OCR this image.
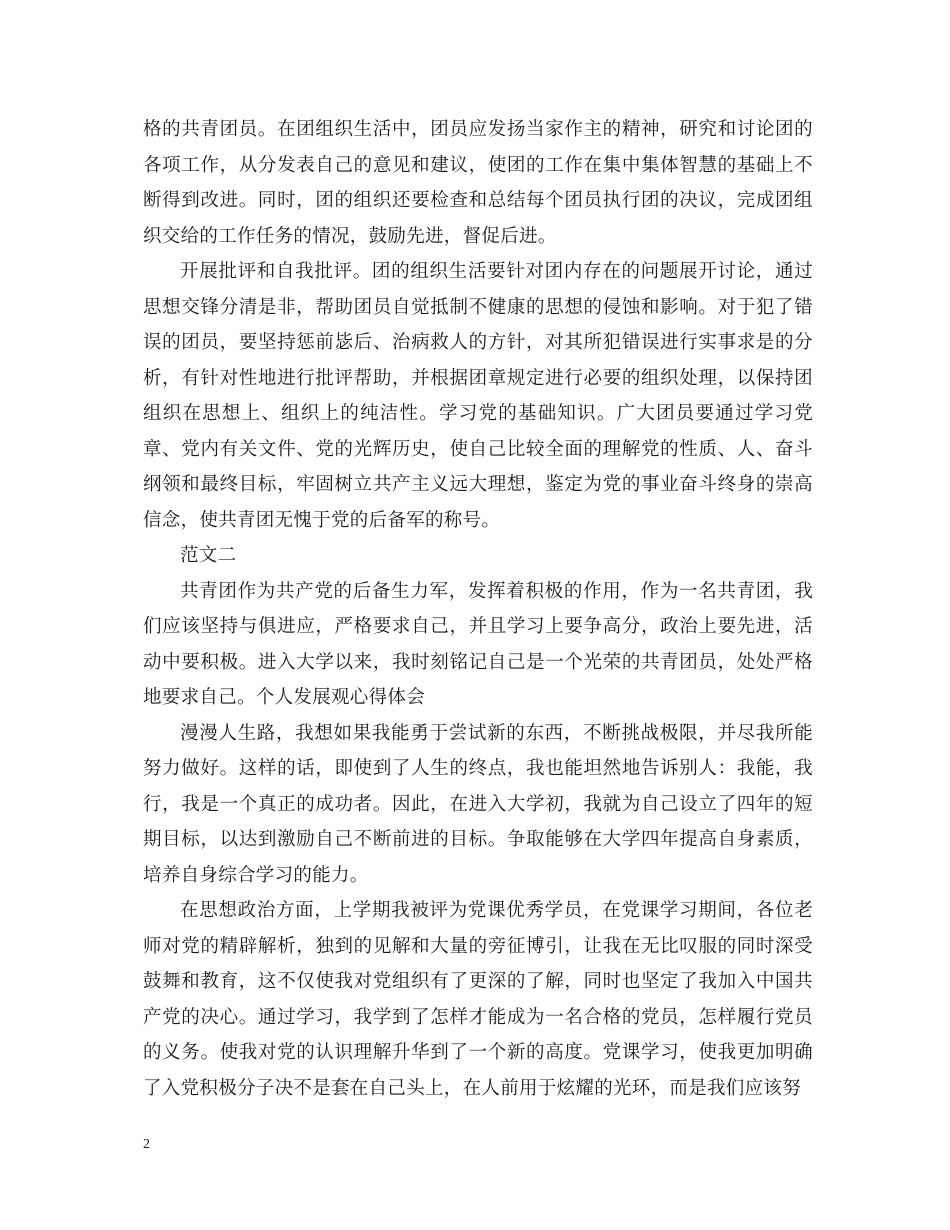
格的共青团员。在团组织生活中，团员应发扬当家作主的精神，研究和讨论团的各项工作，从分发表自己的意见和建议，使团的工作在集中集体智慧的基础上不断得到改进。同时，团的组织还要检查和总结每个团员执行团的决议，完成团组织交给的工作任务的情况，鼓励先进，督促后进。

开展批评和自我批评。团的组织生活要针对团内存在的问题展开讨论，通过思想交锋分清是非，帮助团员自觉抵制不健康的思想的侵蚀和影响。对于犯了错误的团员，要坚持惩前毖后、治病救人的方针，对其所犯错误进行实事求是的分析，有针对性地进行批评帮助，并根据团章规定进行必要的组织处理，以保持团组织在思想上、组织上的纯洁性。学习党的基础知识。广大团员要通过学习党章、党内有关文件、党的光辉历史，使自己比较全面的理解党的性质、人、奋斗纲领和最终目标，牢固树立共产主义远大理想，鉴定为党的事业奋斗终身的崇高信念，使共青团无愧于党的后备军的称号。

范文二

共青团作为共产党的后备生力军，发挥着积极的作用，作为一名共青团，我们应该坚持与俱进应，严格要求自己，并且学习上要争高分，政治上要先进，活动中要积极。进入大学以来，我时刻铭记自己是一个光荣的共青团员，处处严格地要求自己。个人发展观心得体会

漫漫人生路，我想如果我能勇于尝试新的东西，不断挑战极限，并尽我所能努力做好。这样的话，即使到了人生的终点，我也能坦然地告诉别人：我能，我行，我是一个真正的成功者。因此，在进入大学初，我就为自己设立了四年的短期目标，以达到激励自己不断前进的目标。争取能够在大学四年提高自身素质，培养自身综合学习的能力。

在思想政治方面，上学期我被评为党课优秀学员，在党课学习期间，各位老师对党的精辟解析，独到的见解和大量的旁征博引，让我在无比叹服的同时深受鼓舞和教育，这不仅使我对党组织有了更深的了解，同时也坚定了我加入中国共产党的决心。通过学习，我学到了怎样才能成为一名合格的党员，怎样履行党员的义务。使我对党的认识理解升华到了一个新的高度。党课学习，使我更加明确了入党积极分子决不是套在自己头上，在人前用于炫耀的光环，而是我们应该努

2
